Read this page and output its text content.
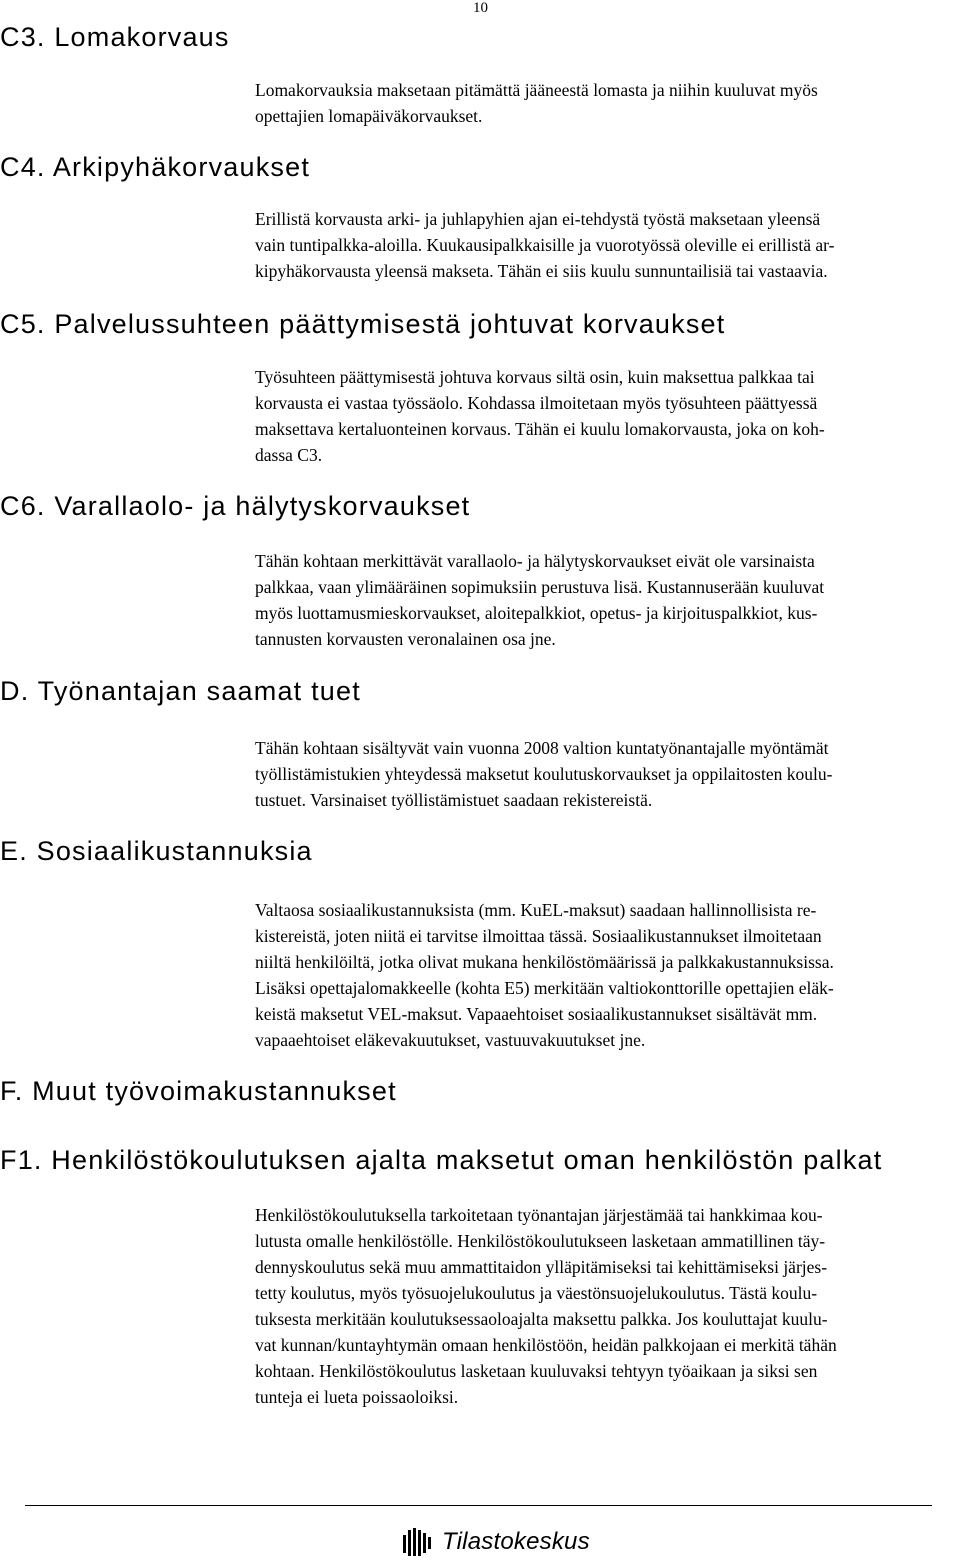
10
C3. Lomakorvaus
Lomakorvauksia maksetaan pitämättä jääneestä lomasta ja niihin kuuluvat myös
opettajien lomapäiväkorvaukset.
C4. Arkipyhäkorvaukset
Erillistä korvausta arki- ja juhlapyhien ajan ei-tehdystä työstä maksetaan yleensä
vain tuntipalkka-aloilla. Kuukausipalkkaisille ja vuorotyössä oleville ei erillistä ar-
kipyhäkorvausta yleensä makseta. Tähän ei siis kuulu sunnuntailisiä tai vastaavia.
C5. Palvelussuhteen päättymisestä johtuvat korvaukset
Työsuhteen päättymisestä johtuva korvaus siltä osin, kuin maksettua palkkaa tai
korvausta ei vastaa työssäolo. Kohdassa ilmoitetaan myös työsuhteen päättyessä
maksettava kertaluonteinen korvaus. Tähän ei kuulu lomakorvausta, joka on koh-
dassa C3.
C6. Varallaolo- ja hälytyskorvaukset
Tähän kohtaan merkittävät varallaolo- ja hälytyskorvaukset eivät ole varsinaista
palkkaa, vaan ylimääräinen sopimuksiin perustuva lisä. Kustannuserään kuuluvat
myös luottamusmieskorvaukset, aloitepalkkiot, opetus- ja kirjoituspalkkiot, kus-
tannusten korvausten veronalainen osa jne.
D. Työnantajan saamat tuet
Tähän kohtaan sisältyvät vain vuonna 2008 valtion kuntatyönantajalle myöntämät
työllistämistukien yhteydessä maksetut koulutuskorvaukset ja oppilaitosten koulu-
tustuet. Varsinaiset työllistämistuet saadaan rekistereistä.
E. Sosiaalikustannuksia
Valtaosa sosiaalikustannuksista (mm. KuEL-maksut) saadaan hallinnollisista re-
kistereistä, joten niitä ei tarvitse ilmoittaa tässä. Sosiaalikustannukset ilmoitetaan
niiltä henkilöiltä, jotka olivat mukana henkilöstömäärissä ja palkkakustannuksissa.
Lisäksi opettajalomakkeelle (kohta E5) merkitään valtiokonttorille opettajien eläk-
keistä maksetut VEL-maksut. Vapaaehtoiset sosiaalikustannukset sisältävät mm.
vapaaehtoiset eläkevakuutukset, vastuuvakuutukset jne.
F. Muut työvoimakustannukset
F1. Henkilöstökoulutuksen ajalta maksetut oman henkilöstön palkat
Henkilöstökoulutuksella tarkoitetaan työnantajan järjestämää tai hankkimaa kou-
lutusta omalle henkilöstölle. Henkilöstökoulutukseen lasketaan ammatillinen täy-
dennyskoulutus sekä muu ammattitaidon ylläpitämiseksi tai kehittämiseksi järjes-
tetty koulutus, myös työsuojelukoulutus ja väestönsuojelukoulutus. Tästä koulu-
tuksesta merkitään koulutuksessaoloajalta maksettu palkka. Jos kouluttajat kuulu-
vat kunnan/kuntayhtymän omaan henkilöstöön, heidän palkkojaan ei merkitä tähän
kohtaan. Henkilöstökoulutus lasketaan kuuluvaksi tehtyyn työaikaan ja siksi sen
tunteja ei lueta poissaoloiksi.
Tilastokeskus
